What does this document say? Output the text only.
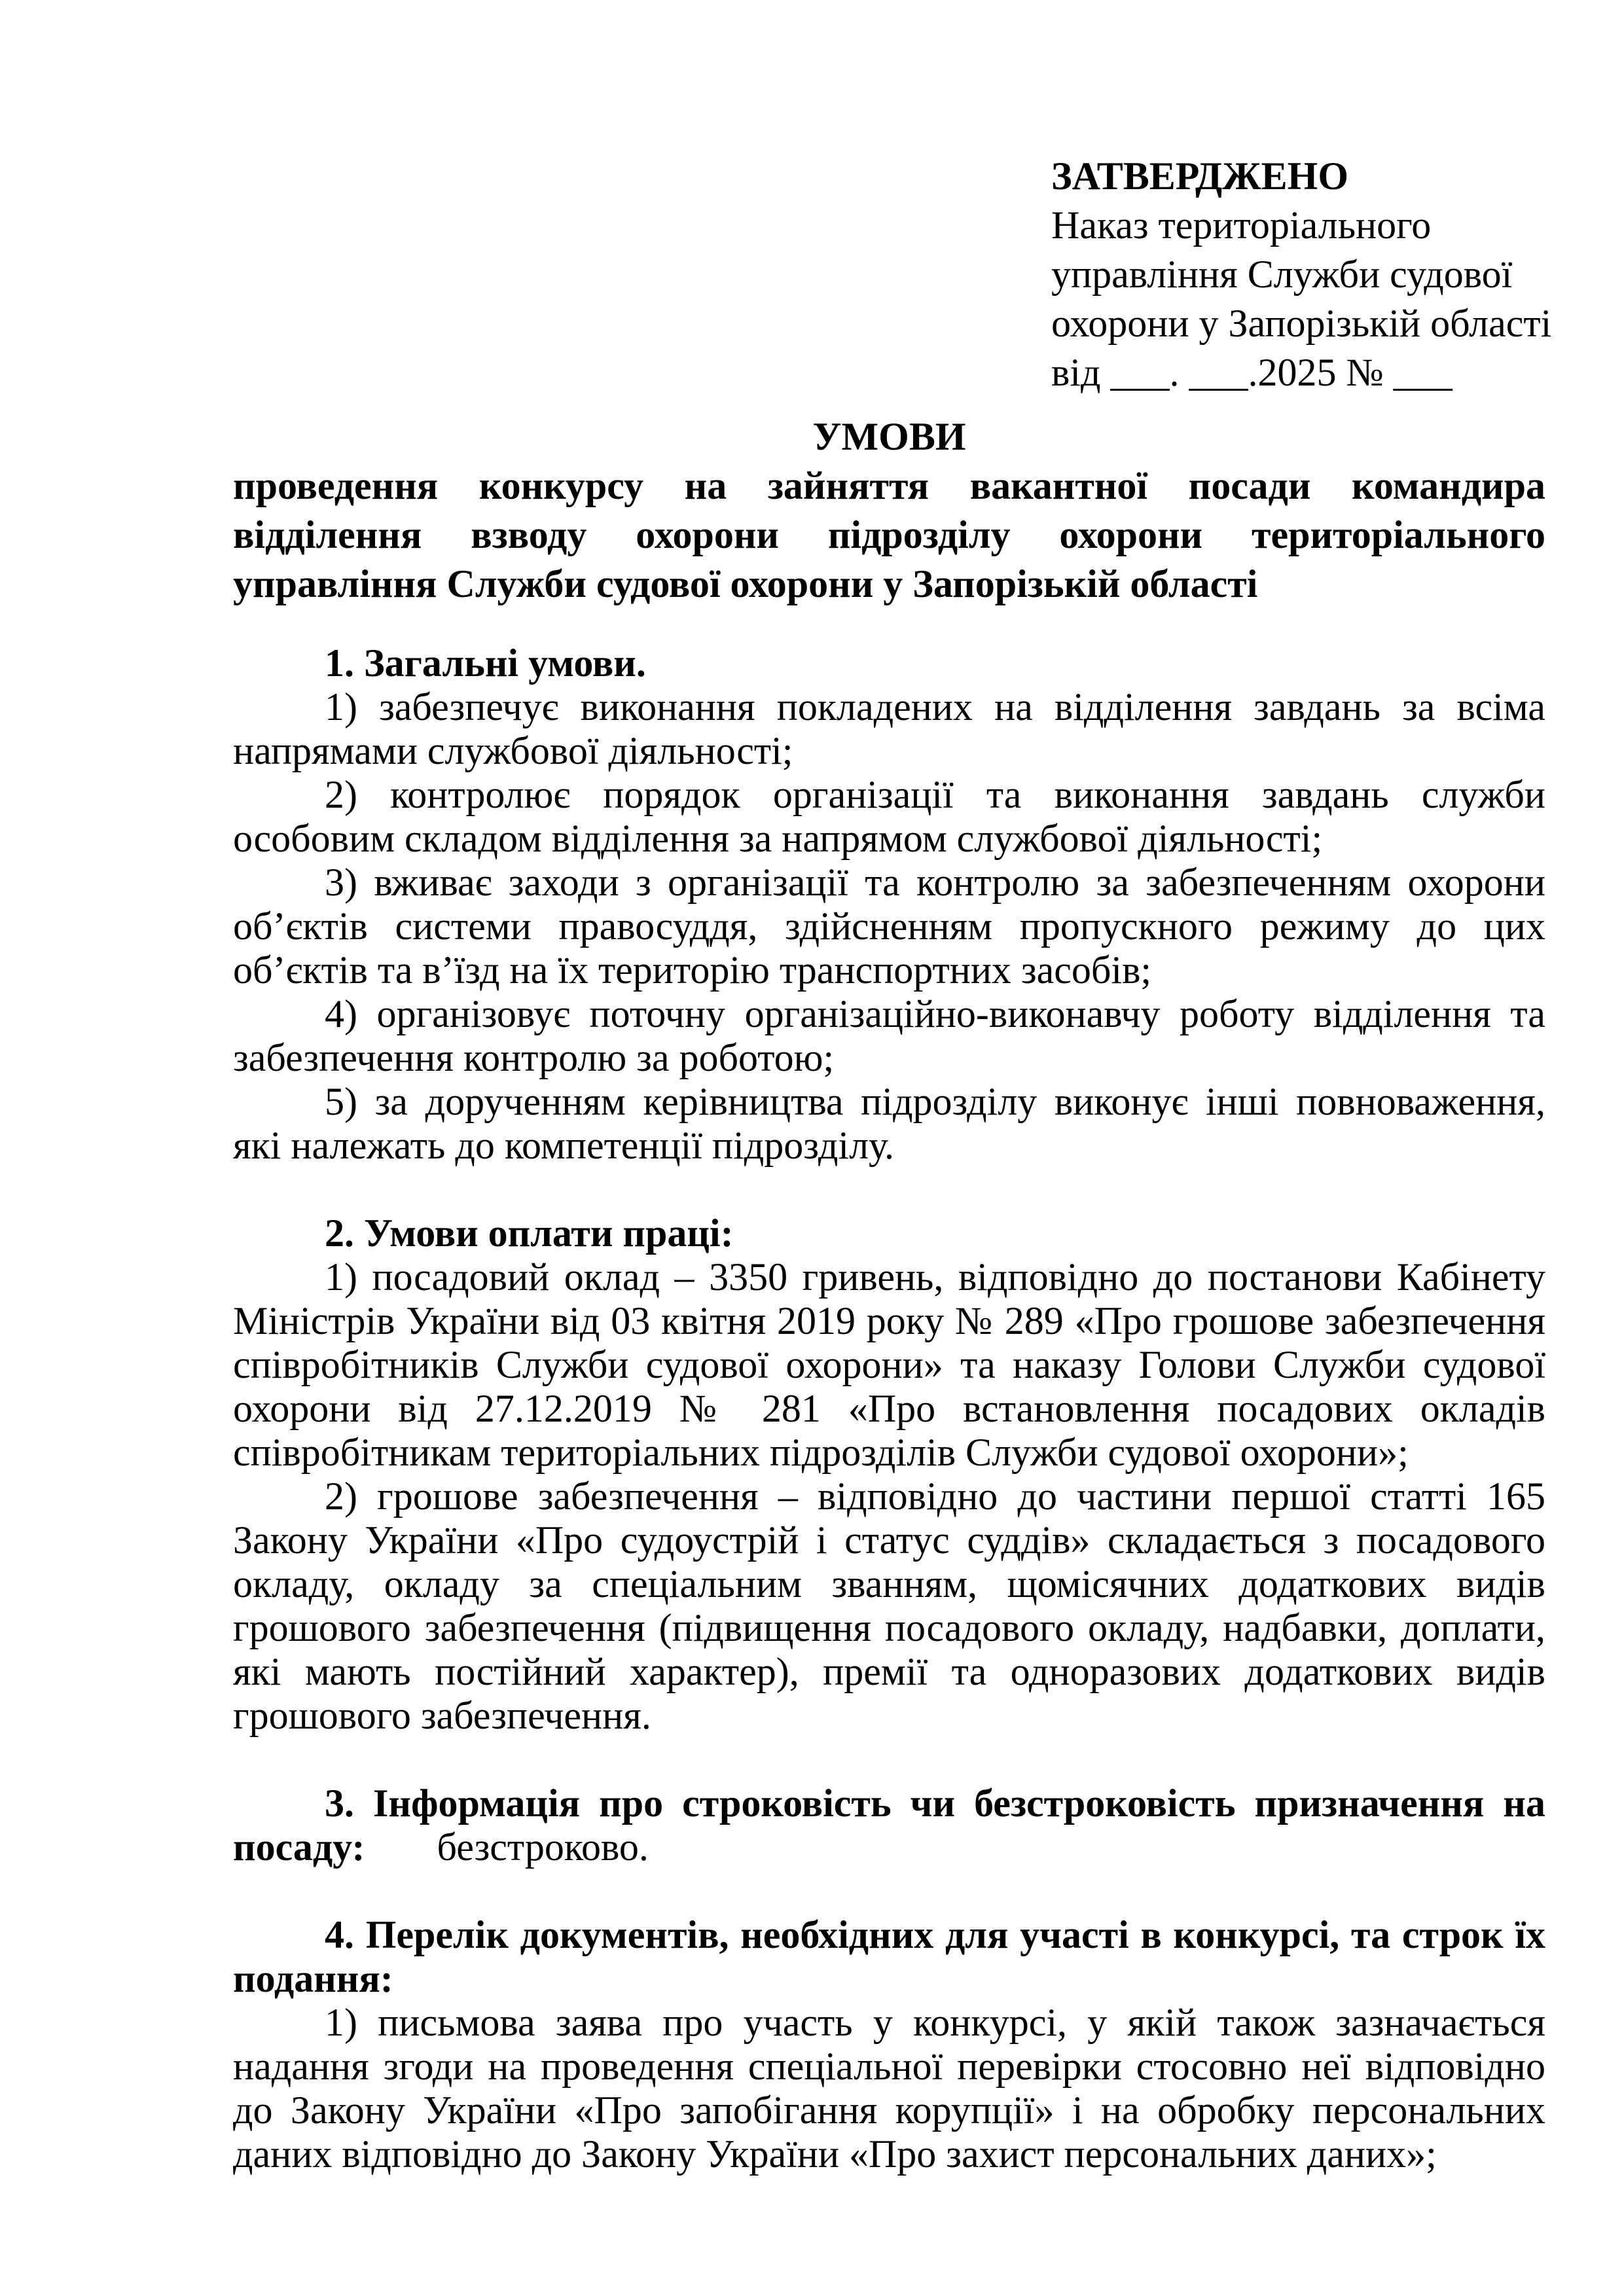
ЗАТВЕРДЖЕНО
Наказ територіального
управління Служби судової
охорони у Запорізькій області
від ___. ___.2025 № ___
УМОВИ
проведення конкурсу на зайняття вакантної посади командира відділення взводу охорони підрозділу охорони територіального управління Служби судової охорони у Запорізькій області

1. Загальні умови.

1) забезпечує виконання покладених на відділення завдань за всіма напрямами службової діяльності;

2) контролює порядок організації та виконання завдань служби особовим складом відділення за напрямом службової діяльності;

3) вживає заходи з організації та контролю за забезпеченням охорони об’єктів системи правосуддя, здійсненням пропускного режиму до цих об’єктів та в’їзд на їх територію транспортних засобів;

4) організовує поточну організаційно-виконавчу роботу відділення та забезпечення контролю за роботою;

5) за дорученням керівництва підрозділу виконує інші повноваження, які належать до компетенції підрозділу.

2. Умови оплати праці:

1) посадовий оклад – 3350 гривень, відповідно до постанови Кабінету Міністрів України від 03 квітня 2019 року № 289 «Про грошове забезпечення співробітників Служби судової охорони» та наказу Голови Служби судової охорони від 27.12.2019 № 281 «Про встановлення посадових окладів співробітникам територіальних підрозділів Служби судової охорони»;

2) грошове забезпечення – відповідно до частини першої статті 165 Закону України «Про судоустрій і статус суддів» складається з посадового окладу, окладу за спеціальним званням, щомісячних додаткових видів грошового забезпечення (підвищення посадового окладу, надбавки, доплати, які мають постійний характер), премії та одноразових додаткових видів грошового забезпечення.

3. Інформація про строковість чи безстроковість призначення на посаду: безстроково.

4. Перелік документів, необхідних для участі в конкурсі, та строк їх подання:

1) письмова заява про участь у конкурсі, у якій також зазначається надання згоди на проведення спеціальної перевірки стосовно неї відповідно до Закону України «Про запобігання корупції» і на обробку персональних даних відповідно до Закону України «Про захист персональних даних»;
